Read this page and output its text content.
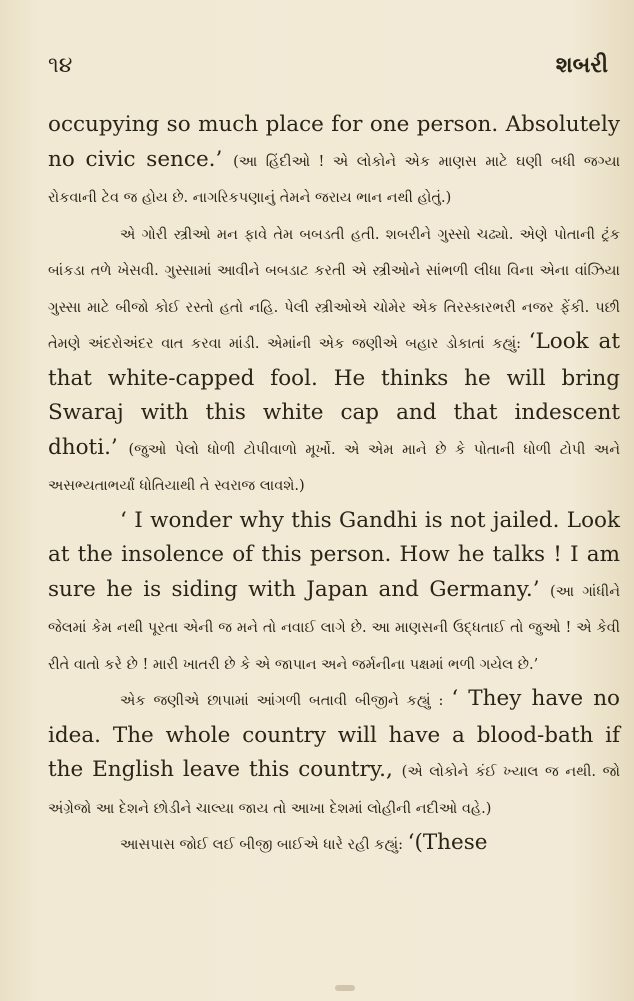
૧૪	શબરી

occupying so much place for one person. Absolutely no civic sence.’ (આ હિંદીઓ ! એ લોકોને એક માણસ માટે ઘણી બધી જગ્યા રોકવાની ટેવ જ હોય છે. નાગરિકપણાનું તેમને જરાય ભાન નથી હોતું.)

એ ગોરી સ્ત્રીઓ મન ફાવે તેમ બબડતી હતી. શબરીને ગુસ્સો ચઢ્યો. એણે પોતાની ટ્રંક બાંકડા તળે ખેસવી. ગુસ્સામાં આવીને બબડાટ કરતી એ સ્ત્રીઓને સાંભળી લીધા વિના એના વાંઝિયા ગુસ્સા માટે બીજો કોઈ રસ્તો હતો નહિ. પેલી સ્ત્રીઓએ ચોમેર એક તિરસ્કારભરી નજર ફેંકી. પછી તેમણે અંદરોઅંદર વાત કરવા માંડી. એમાંની એક જણીએ બહાર ડોકાતાં કહ્યું: ‘Look at that white-capped fool. He thinks he will bring Swaraj with this white cap and that indescent dhoti.’ (જુઓ પેલો ધોળી ટોપીવાળો મૂર્ખો. એ એમ માને છે કે પોતાની ધોળી ટોપી અને અસભ્યતાભર્યાં ધોતિયાથી તે સ્વરાજ લાવશે.)

‘ I wonder why this Gandhi is not jailed. Look at the insolence of this person. How he talks ! I am sure he is siding with Japan and Germany.’ (આ ગાંધીને જેલમાં કેમ નથી પૂરતા એની જ મને તો નવાઈ લાગે છે. આ માણસની ઉદ્ધતાઈ તો જુઓ ! એ કેવી રીતે વાતો કરે છે ! મારી ખાતરી છે કે એ જાપાન અને જર્મનીના પક્ષમાં ભળી ગયેલ છે.’

એક જણીએ છાપામાં આંગળી બતાવી બીજીને કહ્યું : ‘ They have no idea. The whole country will have a blood-bath if the English leave this country., (એ લોકોને કંઈ ખ્યાલ જ નથી. જો અંગ્રેજો આ દેશને છોડીને ચાલ્યા જાય તો આખા દેશમાં લોહીની નદીઓ વહે.)

આસપાસ જોઈ લઈ બીજી બાઈએ ધારે રહી કહ્યું: ‘(These
